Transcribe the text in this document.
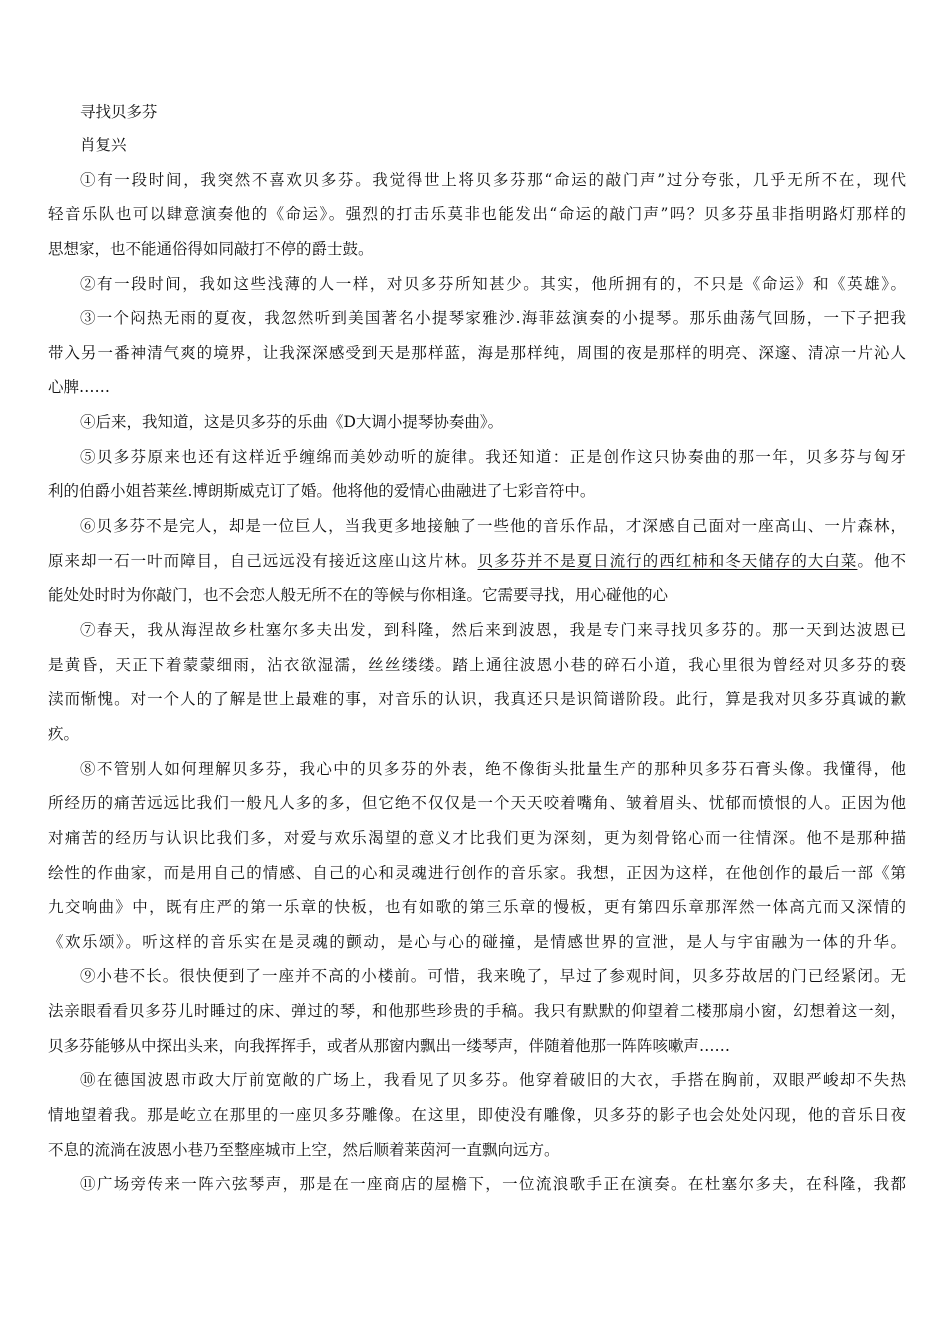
寻找贝多芬
肖复兴
①有一段时间，我突然不喜欢贝多芬。我觉得世上将贝多芬那“命运的敲门声”过分夸张，几乎无所不在，现代
轻音乐队也可以肆意演奏他的《命运》。强烈的打击乐莫非也能发出“命运的敲门声”吗？贝多芬虽非指明路灯那样的
思想家，也不能通俗得如同敲打不停的爵士鼓。
②有一段时间，我如这些浅薄的人一样，对贝多芬所知甚少。其实，他所拥有的，不只是《命运》和《英雄》。
③一个闷热无雨的夏夜，我忽然听到美国著名小提琴家雅沙.海菲兹演奏的小提琴。那乐曲荡气回肠，一下子把我
带入另一番神清气爽的境界，让我深深感受到天是那样蓝，海是那样纯，周围的夜是那样的明亮、深邃、清凉一片沁人
心脾……
④后来，我知道，这是贝多芬的乐曲《D大调小提琴协奏曲》。
⑤贝多芬原来也还有这样近乎缠绵而美妙动听的旋律。我还知道：正是创作这只协奏曲的那一年，贝多芬与匈牙
利的伯爵小姐苔莱丝.博朗斯威克订了婚。他将他的爱情心曲融进了七彩音符中。
⑥贝多芬不是完人，却是一位巨人，当我更多地接触了一些他的音乐作品，才深感自己面对一座高山、一片森林，
原来却一石一叶而障目，自己远远没有接近这座山这片林。贝多芬并不是夏日流行的西红柿和冬天储存的大白菜。他不
能处处时时为你敲门，也不会恋人般无所不在的等候与你相逢。它需要寻找，用心碰他的心
⑦春天，我从海涅故乡杜塞尔多夫出发，到科隆，然后来到波恩，我是专门来寻找贝多芬的。那一天到达波恩已
是黄昏，天正下着蒙蒙细雨，沾衣欲湿濡，丝丝缕缕。踏上通往波恩小巷的碎石小道，我心里很为曾经对贝多芬的亵
渎而惭愧。对一个人的了解是世上最难的事，对音乐的认识，我真还只是识简谱阶段。此行，算是我对贝多芬真诚的歉
疚。
⑧不管别人如何理解贝多芬，我心中的贝多芬的外表，绝不像街头批量生产的那种贝多芬石膏头像。我懂得，他
所经历的痛苦远远比我们一般凡人多的多，但它绝不仅仅是一个天天咬着嘴角、皱着眉头、忧郁而愤恨的人。正因为他
对痛苦的经历与认识比我们多，对爱与欢乐渴望的意义才比我们更为深刻，更为刻骨铭心而一往情深。他不是那种描
绘性的作曲家，而是用自己的情感、自己的心和灵魂进行创作的音乐家。我想，正因为这样，在他创作的最后一部《第
九交响曲》中，既有庄严的第一乐章的快板，也有如歌的第三乐章的慢板，更有第四乐章那浑然一体高亢而又深情的
《欢乐颂》。听这样的音乐实在是灵魂的颤动，是心与心的碰撞，是情感世界的宣泄，是人与宇宙融为一体的升华。
⑨小巷不长。很快便到了一座并不高的小楼前。可惜，我来晚了，早过了参观时间，贝多芬故居的门已经紧闭。无
法亲眼看看贝多芬儿时睡过的床、弹过的琴，和他那些珍贵的手稿。我只有默默的仰望着二楼那扇小窗，幻想着这一刻，
贝多芬能够从中探出头来，向我挥挥手，或者从那窗内飘出一缕琴声，伴随着他那一阵阵咳嗽声……
⑩在德国波恩市政大厅前宽敞的广场上，我看见了贝多芬。他穿着破旧的大衣，手搭在胸前，双眼严峻却不失热
情地望着我。那是屹立在那里的一座贝多芬雕像。在这里，即使没有雕像，贝多芬的影子也会处处闪现，他的音乐日夜
不息的流淌在波恩小巷乃至整座城市上空，然后顺着莱茵河一直飘向远方。
⑪广场旁传来一阵六弦琴声，那是在一座商店的屋檐下，一位流浪歌手正在演奏。在杜塞尔多夫，在科隆，我都
